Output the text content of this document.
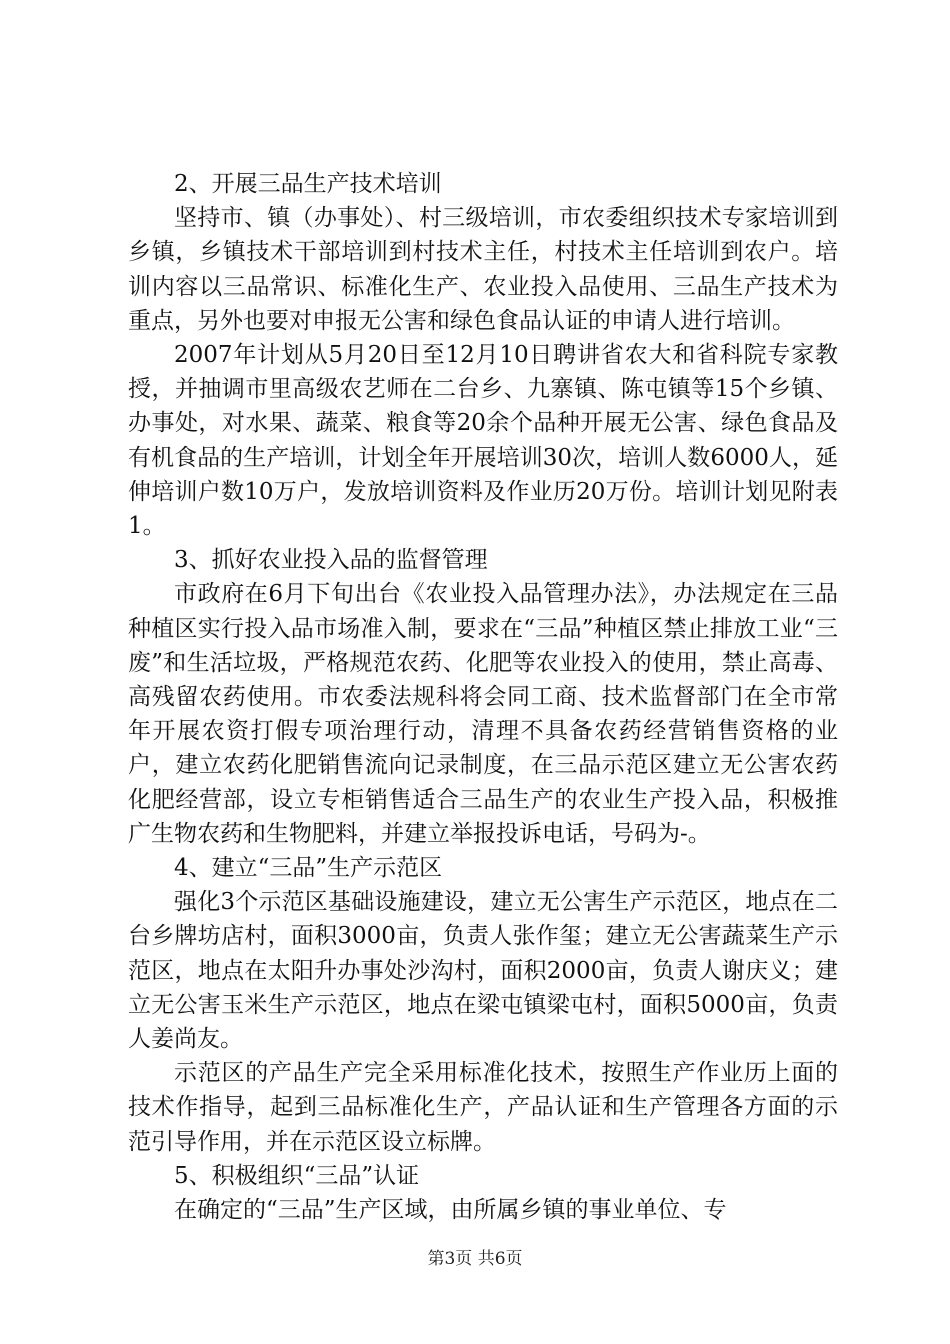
2、开展三品生产技术培训

坚持市、镇（办事处）、村三级培训，市农委组织技术专家培训到乡镇，乡镇技术干部培训到村技术主任，村技术主任培训到农户。培训内容以三品常识、标准化生产、农业投入品使用、三品生产技术为重点，另外也要对申报无公害和绿色食品认证的申请人进行培训。

2007年计划从5月20日至12月10日聘讲省农大和省科院专家教授，并抽调市里高级农艺师在二台乡、九寨镇、陈屯镇等15个乡镇、办事处，对水果、蔬菜、粮食等20余个品种开展无公害、绿色食品及有机食品的生产培训，计划全年开展培训30次，培训人数6000人，延伸培训户数10万户，发放培训资料及作业历20万份。培训计划见附表1。

3、抓好农业投入品的监督管理

市政府在6月下旬出台《农业投入品管理办法》，办法规定在三品种植区实行投入品市场准入制，要求在“三品”种植区禁止排放工业“三废”和生活垃圾，严格规范农药、化肥等农业投入的使用，禁止高毒、高残留农药使用。市农委法规科将会同工商、技术监督部门在全市常年开展农资打假专项治理行动，清理不具备农药经营销售资格的业户，建立农药化肥销售流向记录制度，在三品示范区建立无公害农药化肥经营部，设立专柜销售适合三品生产的农业生产投入品，积极推广生物农药和生物肥料，并建立举报投诉电话，号码为-。

4、建立“三品”生产示范区

强化3个示范区基础设施建设，建立无公害生产示范区，地点在二台乡牌坊店村，面积3000亩，负责人张作玺；建立无公害蔬菜生产示范区，地点在太阳升办事处沙沟村，面积2000亩，负责人谢庆义；建立无公害玉米生产示范区，地点在梁屯镇梁屯村，面积5000亩，负责人姜尚友。

示范区的产品生产完全采用标准化技术，按照生产作业历上面的技术作指导，起到三品标准化生产，产品认证和生产管理各方面的示范引导作用，并在示范区设立标牌。

5、积极组织“三品”认证

在确定的“三品”生产区域，由所属乡镇的事业单位、专

第3页 共6页
